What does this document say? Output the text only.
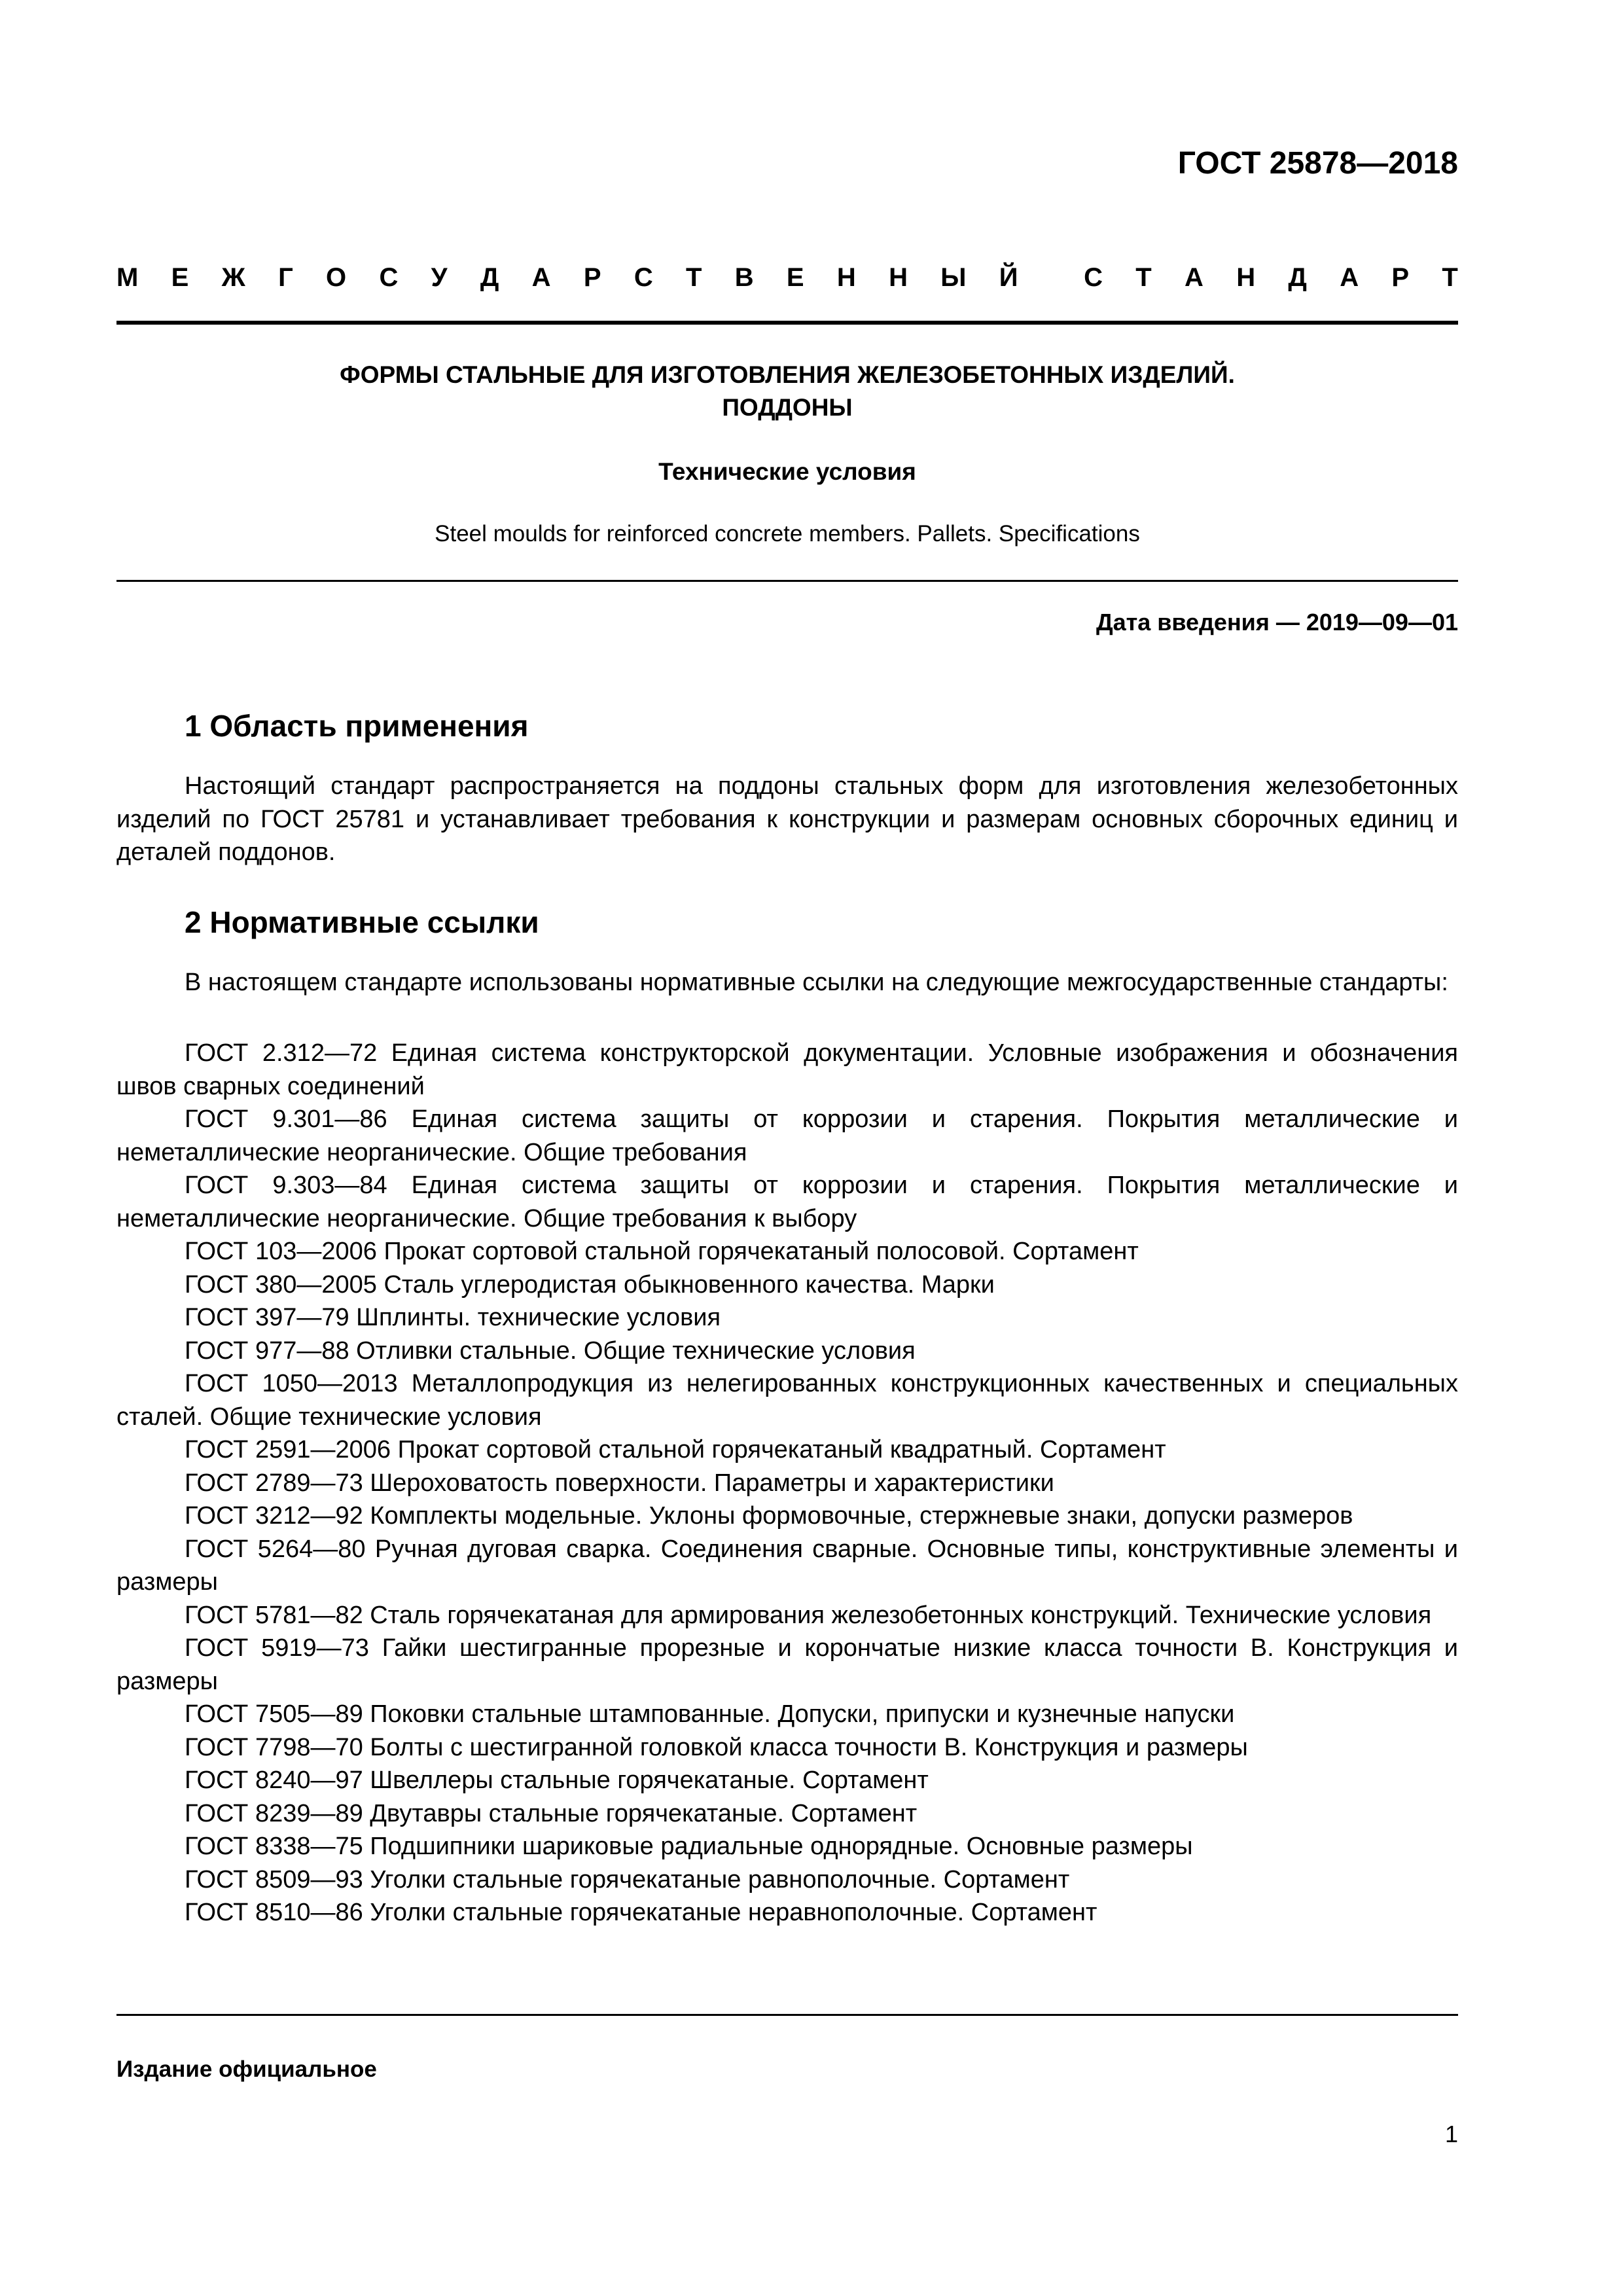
ГОСТ 25878—2018
М Е Ж Г О С У Д А Р С Т В Е Н Н Ы Й	С Т А Н Д А Р Т
ФОРМЫ СТАЛЬНЫЕ ДЛЯ ИЗГОТОВЛЕНИЯ ЖЕЛЕЗОБЕТОННЫХ ИЗДЕЛИЙ.
ПОДДОНЫ
Технические условия
Steel moulds for reinforced concrete members. Pallets. Specifications
Дата введения — 2019—09—01
1 Область применения

Настоящий стандарт распространяется на поддоны стальных форм для изготовления железобетонных изделий по ГОСТ 25781 и устанавливает требования к конструкции и размерам основных сборочных единиц и деталей поддонов.

2 Нормативные ссылки

В настоящем стандарте использованы нормативные ссылки на следующие межгосударственные стандарты:

ГОСТ 2.312—72 Единая система конструкторской документации. Условные изображения и обозначения швов сварных соединений

ГОСТ 9.301—86 Единая система защиты от коррозии и старения. Покрытия металлические и неметаллические неорганические. Общие требования

ГОСТ 9.303—84 Единая система защиты от коррозии и старения. Покрытия металлические и неметаллические неорганические. Общие требования к выбору

ГОСТ 103—2006 Прокат сортовой стальной горячекатаный полосовой. Сортамент

ГОСТ 380—2005 Сталь углеродистая обыкновенного качества. Марки

ГОСТ 397—79 Шплинты. технические условия

ГОСТ 977—88 Отливки стальные. Общие технические условия

ГОСТ 1050—2013 Металлопродукция из нелегированных конструкционных качественных и специальных сталей. Общие технические условия

ГОСТ 2591—2006 Прокат сортовой стальной горячекатаный квадратный. Сортамент

ГОСТ 2789—73 Шероховатость поверхности. Параметры и характеристики

ГОСТ 3212—92 Комплекты модельные. Уклоны формовочные, стержневые знаки, допуски размеров

ГОСТ 5264—80 Ручная дуговая сварка. Соединения сварные. Основные типы, конструктивные элементы и размеры

ГОСТ 5781—82 Сталь горячекатаная для армирования железобетонных конструкций. Технические условия

ГОСТ 5919—73 Гайки шестигранные прорезные и корончатые низкие класса точности В. Конструкция и размеры

ГОСТ 7505—89 Поковки стальные штампованные. Допуски, припуски и кузнечные напуски

ГОСТ 7798—70 Болты с шестигранной головкой класса точности В. Конструкция и размеры

ГОСТ 8240—97 Швеллеры стальные горячекатаные. Сортамент

ГОСТ 8239—89 Двутавры стальные горячекатаные. Сортамент

ГОСТ 8338—75 Подшипники шариковые радиальные однорядные. Основные размеры

ГОСТ 8509—93 Уголки стальные горячекатаные равнополочные. Сортамент

ГОСТ 8510—86 Уголки стальные горячекатаные неравнополочные. Сортамент

Издание официальное
1
